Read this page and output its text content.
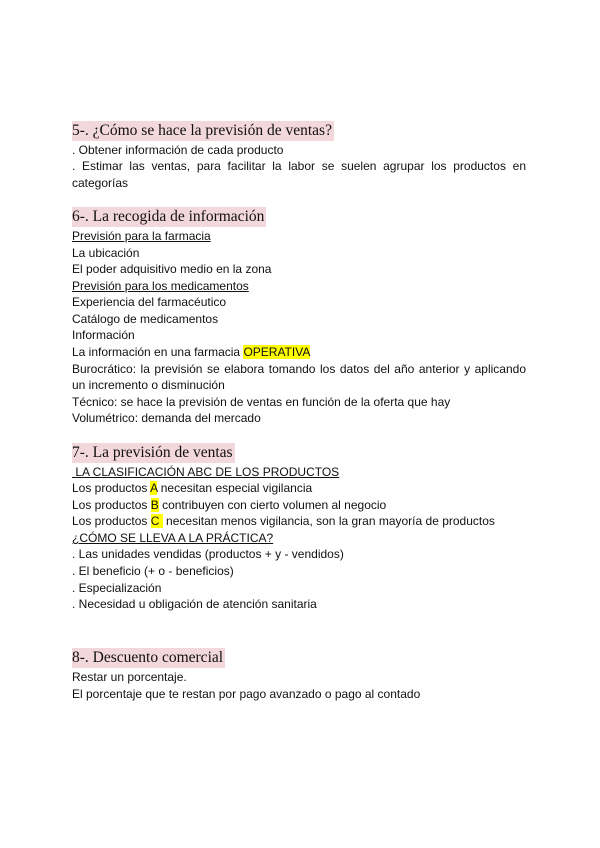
5-. ¿Cómo se hace la previsión de ventas?

. Obtener información de cada producto

. Estimar las ventas, para facilitar la labor se suelen agrupar los productos en

categorías

6-. La recogida de información

Previsión para la farmacia

La ubicación

El poder adquisitivo medio en la zona

Previsión para los medicamentos

Experiencia del farmacéutico

Catálogo de medicamentos

Información

La información en una farmacia OPERATIVA

Burocrático: la previsión se elabora tomando los datos del año anterior y aplicando

un incremento o disminución

Técnico: se hace la previsión de ventas en función de la oferta que hay

Volumétrico: demanda del mercado

7-. La previsión de ventas

LA CLASIFICACIÓN ABC DE LOS PRODUCTOS

Los productos A necesitan especial vigilancia

Los productos B contribuyen con cierto volumen al negocio

Los productos C  necesitan menos vigilancia, son la gran mayoría de productos

¿CÓMO SE LLEVA A LA PRÁCTICA?

. Las unidades vendidas (productos + y - vendidos)

. El beneficio (+ o - beneficios)

. Especialización

. Necesidad u obligación de atención sanitaria

8-. Descuento comercial

Restar un porcentaje.

El porcentaje que te restan por pago avanzado o pago al contado
